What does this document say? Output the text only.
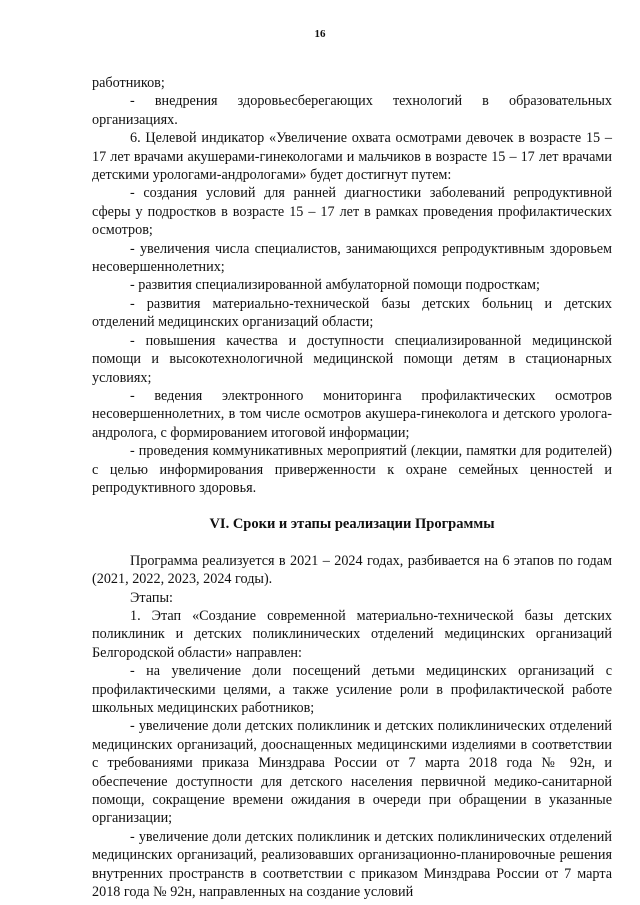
16

работников;

- внедрения здоровьесберегающих технологий в образовательных организациях.

6. Целевой индикатор «Увеличение охвата осмотрами девочек в возрасте 15 – 17 лет врачами акушерами-гинекологами и мальчиков в возрасте 15 – 17 лет врачами детскими урологами-андрологами» будет достигнут путем:

- создания условий для ранней диагностики заболеваний репродуктивной сферы у подростков в возрасте 15 – 17 лет в рамках проведения профилактических осмотров;

- увеличения числа специалистов, занимающихся репродуктивным здоровьем несовершеннолетних;

- развития специализированной амбулаторной помощи подросткам;

- развития материально-технической базы детских больниц и детских отделений медицинских организаций области;

- повышения качества и доступности специализированной медицинской помощи и высокотехнологичной медицинской помощи детям в стационарных условиях;

- ведения электронного мониторинга профилактических осмотров несовершеннолетних, в том числе осмотров акушера-гинеколога и детского уролога-андролога, с формированием итоговой информации;

- проведения коммуникативных мероприятий (лекции, памятки для родителей) с целью информирования приверженности к охране семейных ценностей и репродуктивного здоровья.

VI. Сроки и этапы реализации Программы

Программа реализуется в 2021 – 2024 годах, разбивается на 6 этапов по годам (2021, 2022, 2023, 2024 годы).

Этапы:

1. Этап «Создание современной материально-технической базы детских поликлиник и детских поликлинических отделений медицинских организаций Белгородской области» направлен:

- на увеличение доли посещений детьми медицинских организаций с профилактическими целями, а также усиление роли в профилактической работе школьных медицинских работников;

- увеличение доли детских поликлиник и детских поликлинических отделений медицинских организаций, дооснащенных медицинскими изделиями в соответствии с требованиями приказа Минздрава России от 7 марта 2018 года № 92н, и обеспечение доступности для детского населения первичной медико-санитарной помощи, сокращение времени ожидания в очереди при обращении в указанные организации;

- увеличение доли детских поликлиник и детских поликлинических отделений медицинских организаций, реализовавших организационно-планировочные решения внутренних пространств в соответствии с приказом Минздрава России от 7 марта 2018 года № 92н, направленных на создание условий
